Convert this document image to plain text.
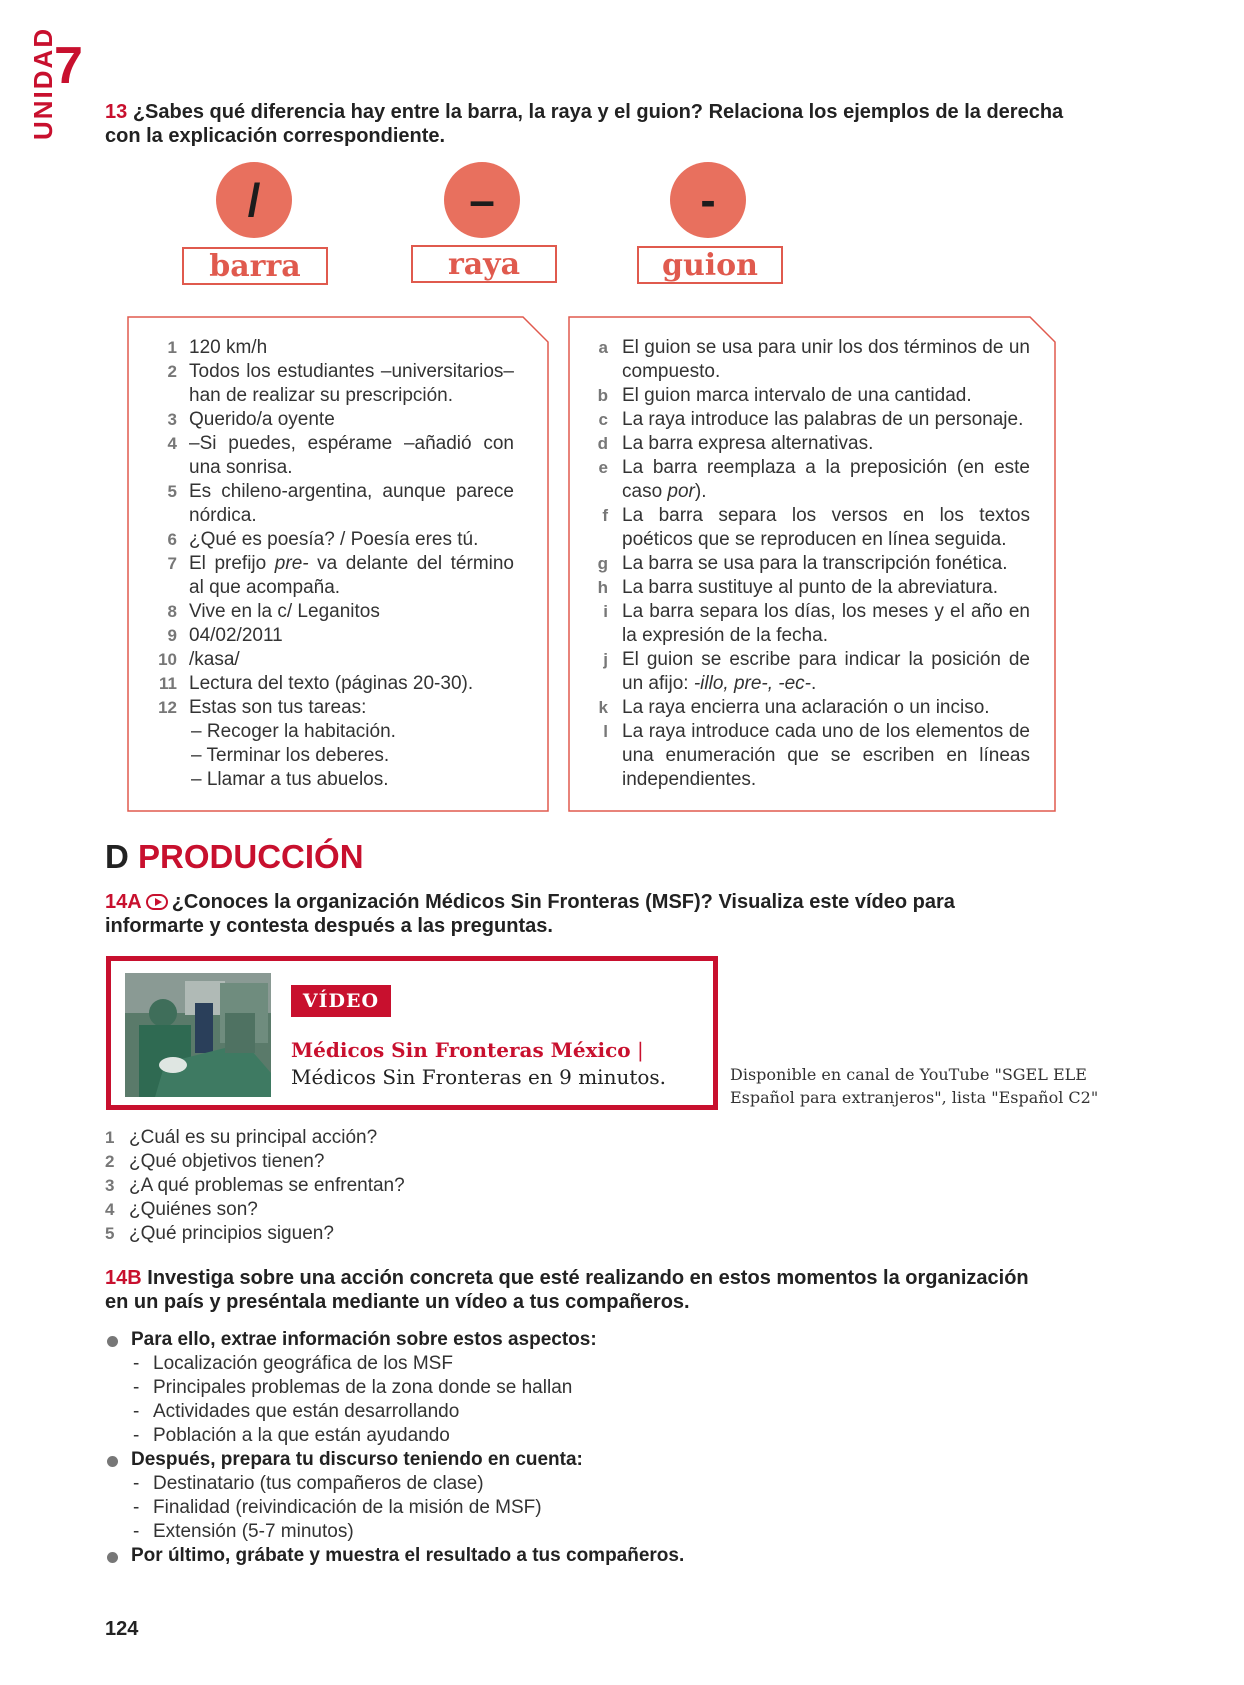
7
UNIDAD 13 ¿Sabes qué diferencia hay entre la barra, la raya y el guion? Relaciona los ejemplos de la derecha
con la explicación correspondiente.
/	–	-
barra	raya	guion
1 120 km/h
2 Todos los estudiantes –universitarios– han de realizar su prescripción.
3 Querido/a oyente
4 –Si puedes, espérame –añadió con una sonrisa.
5 Es chileno-argentina, aunque parece nórdica.
6 ¿Qué es poesía? / Poesía eres tú.
7 El prefijo pre- va delante del término al que acompaña.
8 Vive en la c/ Leganitos
9 04/02/2011
10 /kasa/
11 Lectura del texto (páginas 20-30).
12 Estas son tus tareas:
– Recoger la habitación.
– Terminar los deberes.
– Llamar a tus abuelos.
a El guion se usa para unir los dos términos de un compuesto.
b El guion marca intervalo de una cantidad.
c La raya introduce las palabras de un personaje.
d La barra expresa alternativas.
e La barra reemplaza a la preposición (en este caso por).
f La barra separa los versos en los textos poéticos que se reproducen en línea seguida.
g La barra se usa para la transcripción fonética.
h La barra sustituye al punto de la abreviatura.
i La barra separa los días, los meses y el año en la expresión de la fecha.
j El guion se escribe para indicar la posición de un afijo: -illo, pre-, -ec-.
k La raya encierra una aclaración o un inciso.
l La raya introduce cada uno de los elementos de una enumeración que se escriben en líneas independientes.
D PRODUCCIÓN
14A ¿Conoces la organización Médicos Sin Fronteras (MSF)? Visualiza este vídeo para
informarte y contesta después a las preguntas.
VÍDEO
Médicos Sin Fronteras México | Médicos Sin Fronteras en 9 minutos.	Disponible en canal de YouTube "SGEL ELE
Español para extranjeros", lista "Español C2"
1 ¿Cuál es su principal acción?
2 ¿Qué objetivos tienen?
3 ¿A qué problemas se enfrentan?
4 ¿Quiénes son?
5 ¿Qué principios siguen?
14B Investiga sobre una acción concreta que esté realizando en estos momentos la organización
en un país y preséntala mediante un vídeo a tus compañeros.
Para ello, extrae información sobre estos aspectos:
- Localización geográfica de los MSF
- Principales problemas de la zona donde se hallan
- Actividades que están desarrollando
- Población a la que están ayudando
Después, prepara tu discurso teniendo en cuenta:
- Destinatario (tus compañeros de clase)
- Finalidad (reivindicación de la misión de MSF)
- Extensión (5-7 minutos)
Por último, grábate y muestra el resultado a tus compañeros.
124
